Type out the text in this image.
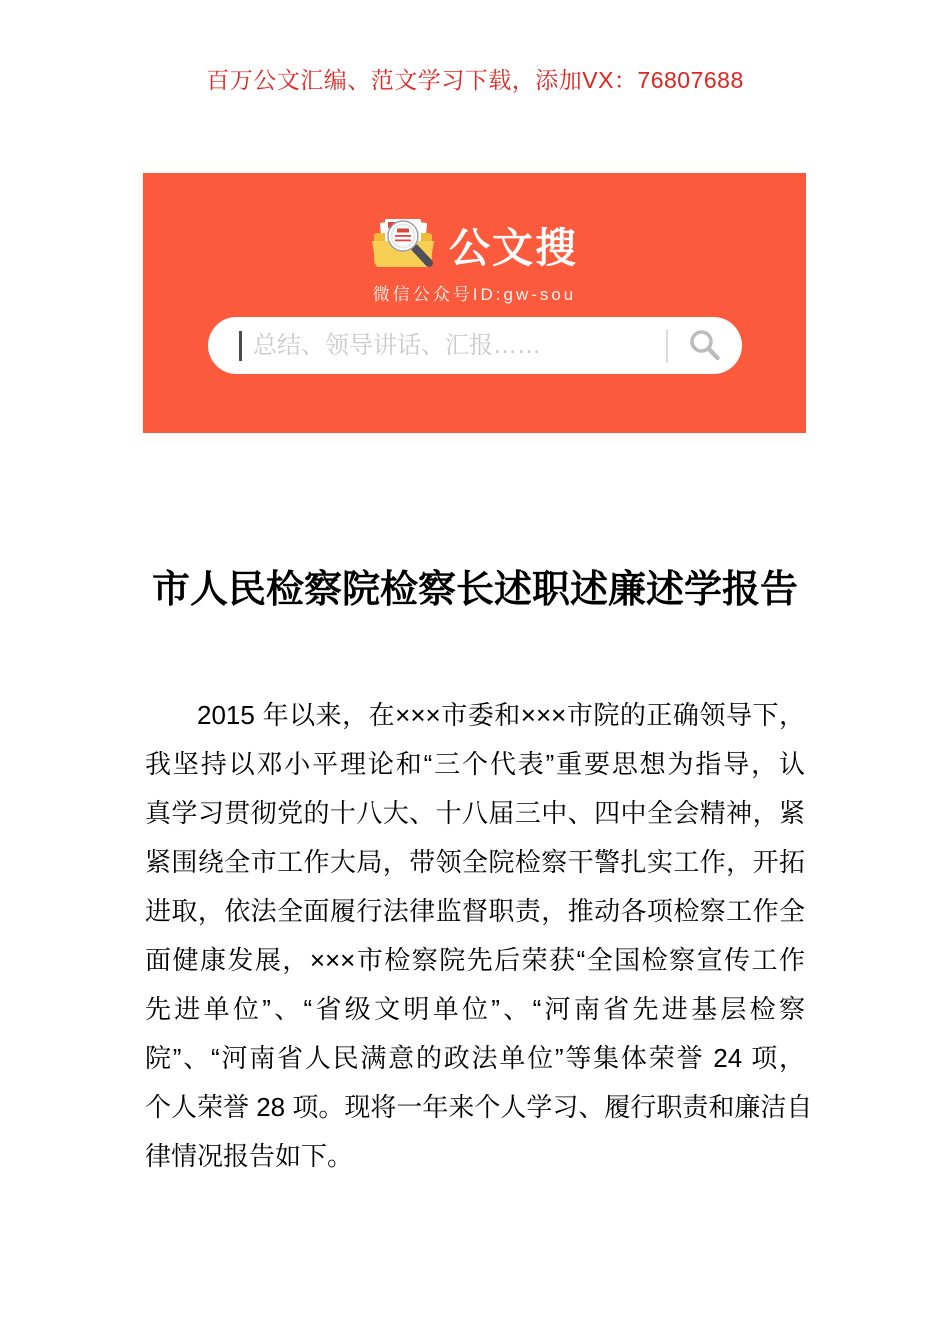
百万公文汇编、范文学习下载，添加VX：76807688
公文搜
微信公众号ID:gw-sou
总结、领导讲话、汇报……
市人民检察院检察长述职述廉述学报告
2015 年以来，在×××市委和×××市院的正确领导下，
我坚持以邓小平理论和“三个代表”重要思想为指导，认
真学习贯彻党的十八大、十八届三中、四中全会精神，紧
紧围绕全市工作大局，带领全院检察干警扎实工作，开拓
进取，依法全面履行法律监督职责，推动各项检察工作全
面健康发展，×××市检察院先后荣获“全国检察宣传工作
先进单位”、“省级文明单位”、“河南省先进基层检察
院”、“河南省人民满意的政法单位”等集体荣誉 24 项，
个人荣誉 28 项。现将一年来个人学习、履行职责和廉洁自
律情况报告如下。
